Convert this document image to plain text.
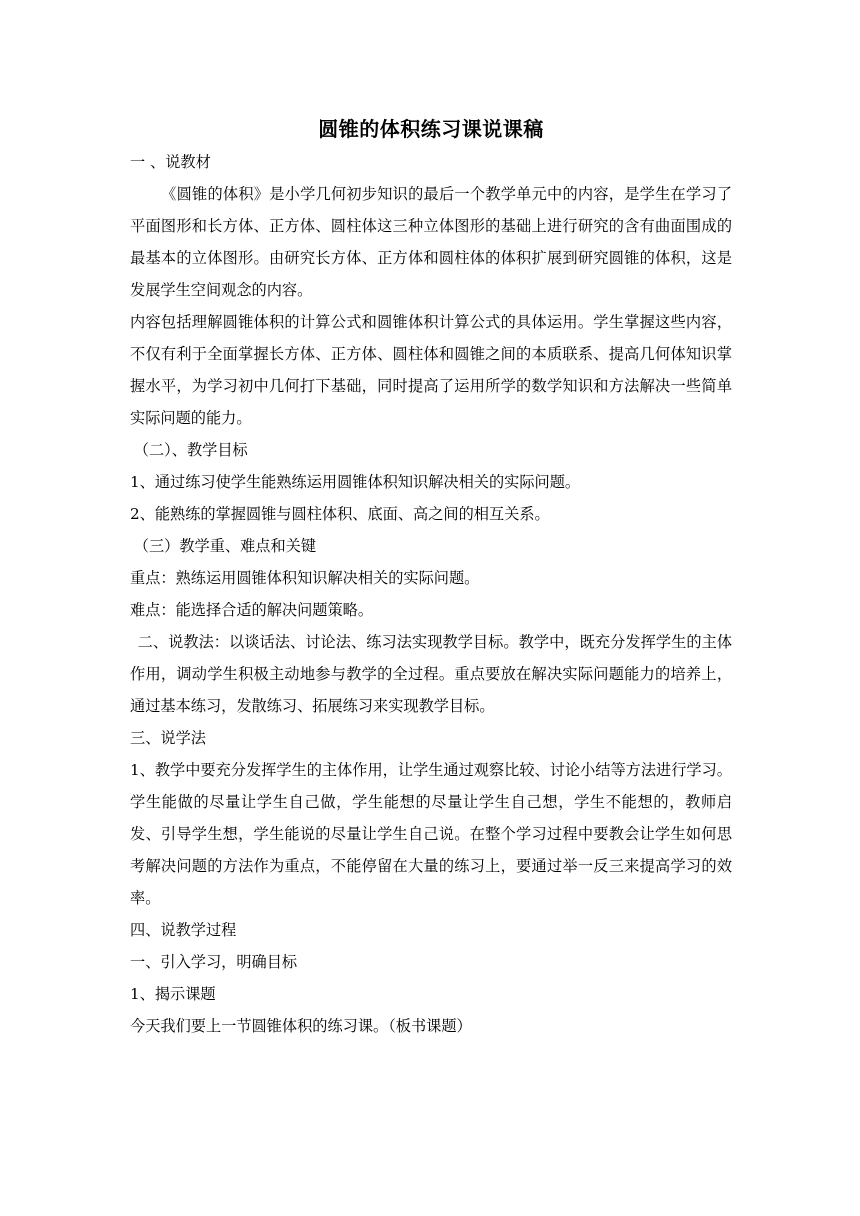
圆锥的体积练习课说课稿

一 、说教材

《圆锥的体积》是小学几何初步知识的最后一个教学单元中的内容，是学生在学习了平面图形和长方体、正方体、圆柱体这三种立体图形的基础上进行研究的含有曲面围成的最基本的立体图形。由研究长方体、正方体和圆柱体的体积扩展到研究圆锥的体积，这是发展学生空间观念的内容。

内容包括理解圆锥体积的计算公式和圆锥体积计算公式的具体运用。学生掌握这些内容，不仅有利于全面掌握长方体、正方体、圆柱体和圆锥之间的本质联系、提高几何体知识掌握水平，为学习初中几何打下基础，同时提高了运用所学的数学知识和方法解决一些简单实际问题的能力。

（二）、教学目标

1、通过练习使学生能熟练运用圆锥体积知识解决相关的实际问题。

2、能熟练的掌握圆锥与圆柱体积、底面、高之间的相互关系。

（三）教学重、难点和关键

重点：熟练运用圆锥体积知识解决相关的实际问题。

难点：能选择合适的解决问题策略。

二、说教法：以谈话法、讨论法、练习法实现教学目标。教学中，既充分发挥学生的主体作用，调动学生积极主动地参与教学的全过程。重点要放在解决实际问题能力的培养上，通过基本练习，发散练习、拓展练习来实现教学目标。

三、说学法

1、教学中要充分发挥学生的主体作用，让学生通过观察比较、讨论小结等方法进行学习。学生能做的尽量让学生自己做，学生能想的尽量让学生自己想，学生不能想的，教师启发、引导学生想，学生能说的尽量让学生自己说。在整个学习过程中要教会让学生如何思考解决问题的方法作为重点，不能停留在大量的练习上，要通过举一反三来提高学习的效率。

四、说教学过程

一、引入学习，明确目标

1、揭示课题

今天我们要上一节圆锥体积的练习课。（板书课题）
